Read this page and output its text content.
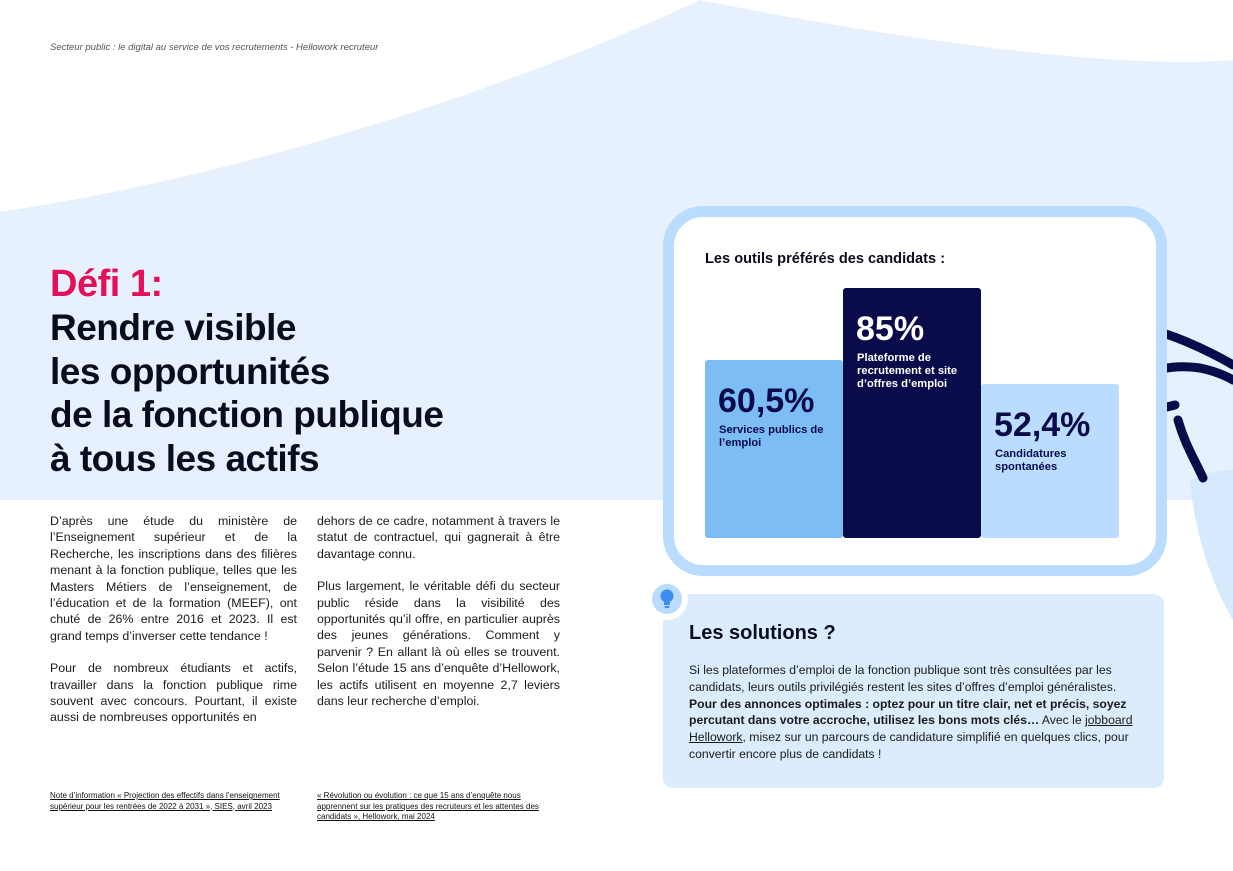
Secteur public : le digital au service de vos recrutements - Hellowork recruteur
Défi 1:
Rendre visible
les opportunités
de la fonction publique
à tous les actifs

D’après une étude du ministère de l’Enseignement supérieur et de la Recherche, les inscriptions dans des filières menant à la fonction publique, telles que les Masters Métiers de l’enseignement, de l’éducation et de la formation (MEEF), ont chuté de 26% entre 2016 et 2023. Il est grand temps d’inverser cette tendance !

Pour de nombreux étudiants et actifs, travailler dans la fonction publique rime souvent avec concours. Pourtant, il existe aussi de nombreuses opportunités en

dehors de ce cadre, notamment à travers le statut de contractuel, qui gagnerait à être davantage connu.

Plus largement, le véritable défi du secteur public réside dans la visibilité des opportunités qu’il offre, en particulier auprès des jeunes générations. Comment y parvenir ? En allant là où elles se trouvent. Selon l’étude 15 ans d’enquête d’Hellowork, les actifs utilisent en moyenne 2,7 leviers dans leur recherche d’emploi.

Note d’information « Projection des effectifs dans l’enseignement supérieur pour les rentrées de 2022 à 2031 », SIES, avril 2023
« Révolution ou évolution : ce que 15 ans d’enquête nous apprennent sur les pratiques des recruteurs et les attentes des candidats », Hellowork, mai 2024
Les outils préférés des candidats :
60,5%
Services publics de l’emploi
85%
Plateforme de recrutement et site d’offres d’emploi
52,4%
Candidatures spontanées
Les solutions ?
Si les plateformes d’emploi de la fonction publique sont très consultées par les candidats, leurs outils privilégiés restent les sites d’offres d’emploi généralistes. Pour des annonces optimales : optez pour un titre clair, net et précis, soyez percutant dans votre accroche, utilisez les bons mots clés… Avec le jobboard Hellowork, misez sur un parcours de candidature simplifié en quelques clics, pour convertir encore plus de candidats !
